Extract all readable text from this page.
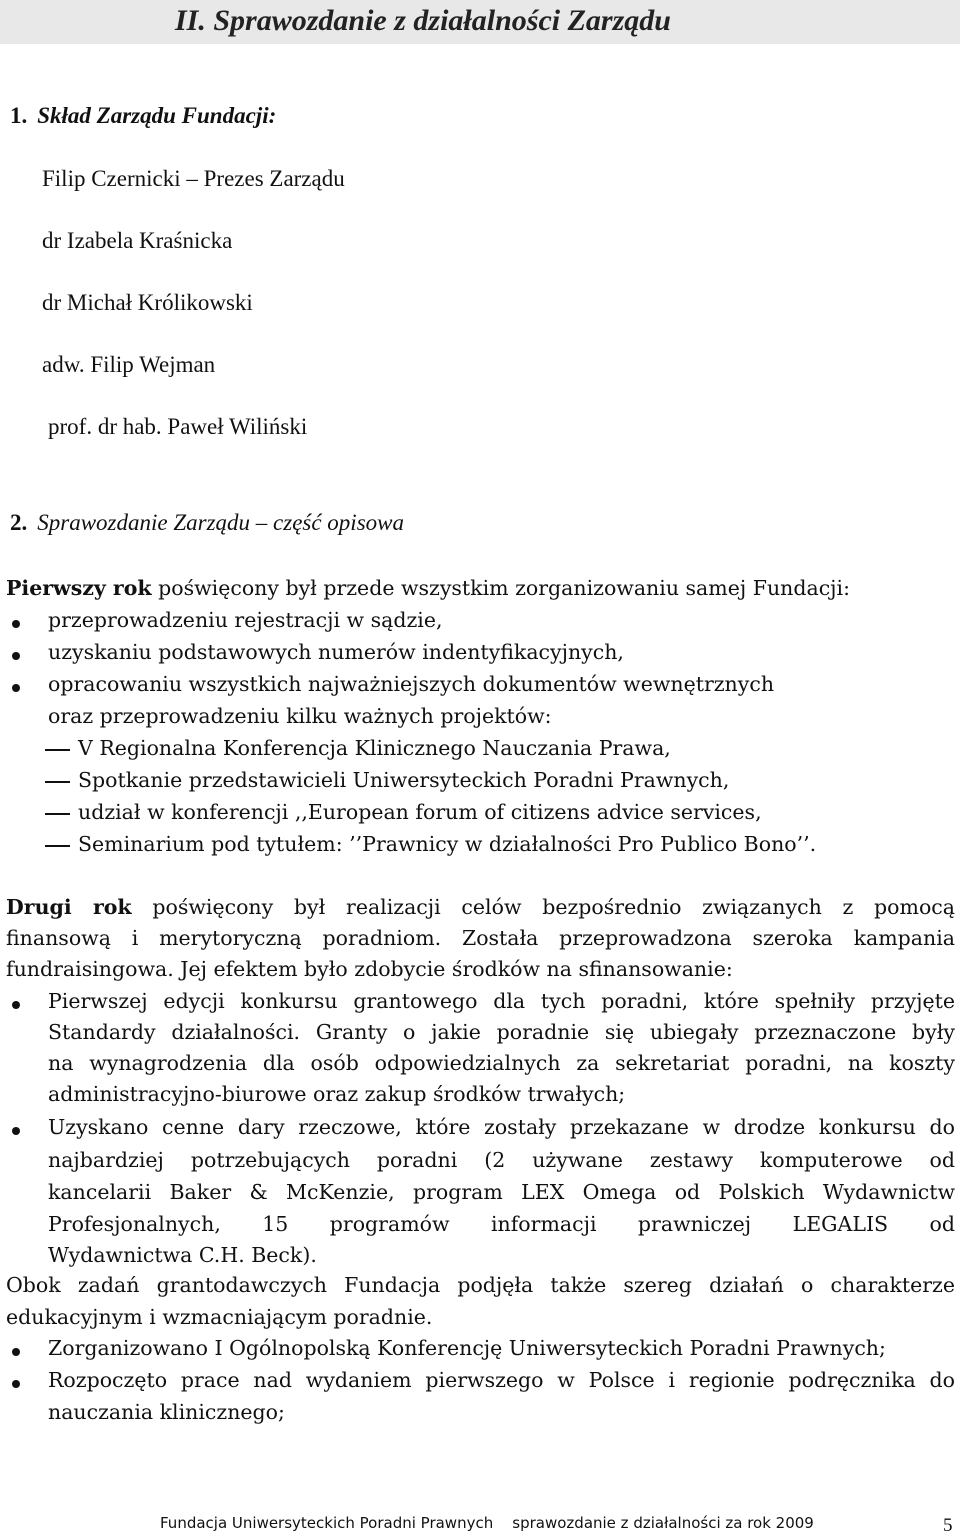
II. Sprawozdanie z działalności Zarządu
1. Skład Zarządu Fundacji:
Filip Czernicki – Prezes Zarządu
dr Izabela Kraśnicka
dr Michał Królikowski
adw. Filip Wejman
prof. dr hab. Paweł Wiliński
2. Sprawozdanie Zarządu – część opisowa
Pierwszy rok poświęcony był przede wszystkim zorganizowaniu samej Fundacji:
przeprowadzeniu rejestracji w sądzie,
uzyskaniu podstawowych numerów indentyfikacyjnych,
opracowaniu wszystkich najważniejszych dokumentów wewnętrznych
oraz przeprowadzeniu kilku ważnych projektów:
V Regionalna Konferencja Klinicznego Nauczania Prawa,
Spotkanie przedstawicieli Uniwersyteckich Poradni Prawnych,
udział w konferencji ,,European forum of citizens advice services,
Seminarium pod tytułem: ’’Prawnicy w działalności Pro Publico Bono’’.
Drugi rok poświęcony był realizacji celów bezpośrednio związanych z pomocą
finansową i merytoryczną poradniom. Została przeprowadzona szeroka kampania
fundraisingowa. Jej efektem było zdobycie środków na sfinansowanie:
Pierwszej edycji konkursu grantowego dla tych poradni, które spełniły przyjęte
Standardy działalności. Granty o jakie poradnie się ubiegały przeznaczone były
na wynagrodzenia dla osób odpowiedzialnych za sekretariat poradni, na koszty
administracyjno-biurowe oraz zakup środków trwałych;
Uzyskano cenne dary rzeczowe, które zostały przekazane w drodze konkursu do
najbardziej potrzebujących poradni (2 używane zestawy komputerowe od
kancelarii Baker & McKenzie, program LEX Omega od Polskich Wydawnictw
Profesjonalnych, 15 programów informacji prawniczej LEGALIS od
Wydawnictwa C.H. Beck).
Obok zadań grantodawczych Fundacja podjęła także szereg działań o charakterze
edukacyjnym i wzmacniającym poradnie.
Zorganizowano I Ogólnopolską Konferencję Uniwersyteckich Poradni Prawnych;
Rozpoczęto prace nad wydaniem pierwszego w Polsce i regionie podręcznika do
nauczania klinicznego;
Fundacja Uniwersyteckich Poradni Prawnych    sprawozdanie z działalności za rok 2009	5
